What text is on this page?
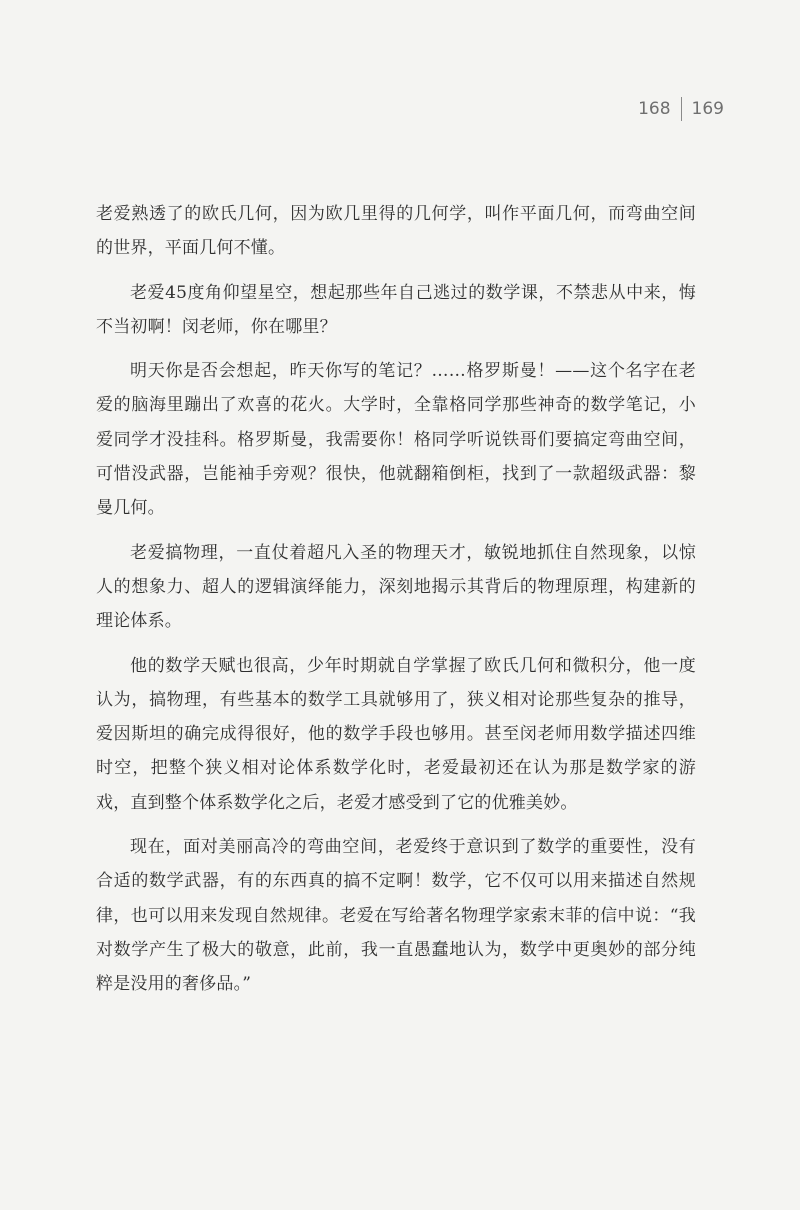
168 169

老爱熟透了的欧氏几何，因为欧几里得的几何学，叫作平面几何，而弯曲空间的世界，平面几何不懂。

老爱45度角仰望星空，想起那些年自己逃过的数学课，不禁悲从中来，悔不当初啊！闵老师，你在哪里？

明天你是否会想起，昨天你写的笔记？……格罗斯曼！——这个名字在老爱的脑海里蹦出了欢喜的花火。大学时，全靠格同学那些神奇的数学笔记，小爱同学才没挂科。格罗斯曼，我需要你！格同学听说铁哥们要搞定弯曲空间，可惜没武器，岂能袖手旁观？很快，他就翻箱倒柜，找到了一款超级武器：黎曼几何。

老爱搞物理，一直仗着超凡入圣的物理天才，敏锐地抓住自然现象，以惊人的想象力、超人的逻辑演绎能力，深刻地揭示其背后的物理原理，构建新的理论体系。

他的数学天赋也很高，少年时期就自学掌握了欧氏几何和微积分，他一度认为，搞物理，有些基本的数学工具就够用了，狭义相对论那些复杂的推导，爱因斯坦的确完成得很好，他的数学手段也够用。甚至闵老师用数学描述四维时空，把整个狭义相对论体系数学化时，老爱最初还在认为那是数学家的游戏，直到整个体系数学化之后，老爱才感受到了它的优雅美妙。

现在，面对美丽高冷的弯曲空间，老爱终于意识到了数学的重要性，没有合适的数学武器，有的东西真的搞不定啊！数学，它不仅可以用来描述自然规律，也可以用来发现自然规律。老爱在写给著名物理学家索末菲的信中说：“我对数学产生了极大的敬意，此前，我一直愚蠢地认为，数学中更奥妙的部分纯粹是没用的奢侈品。”
